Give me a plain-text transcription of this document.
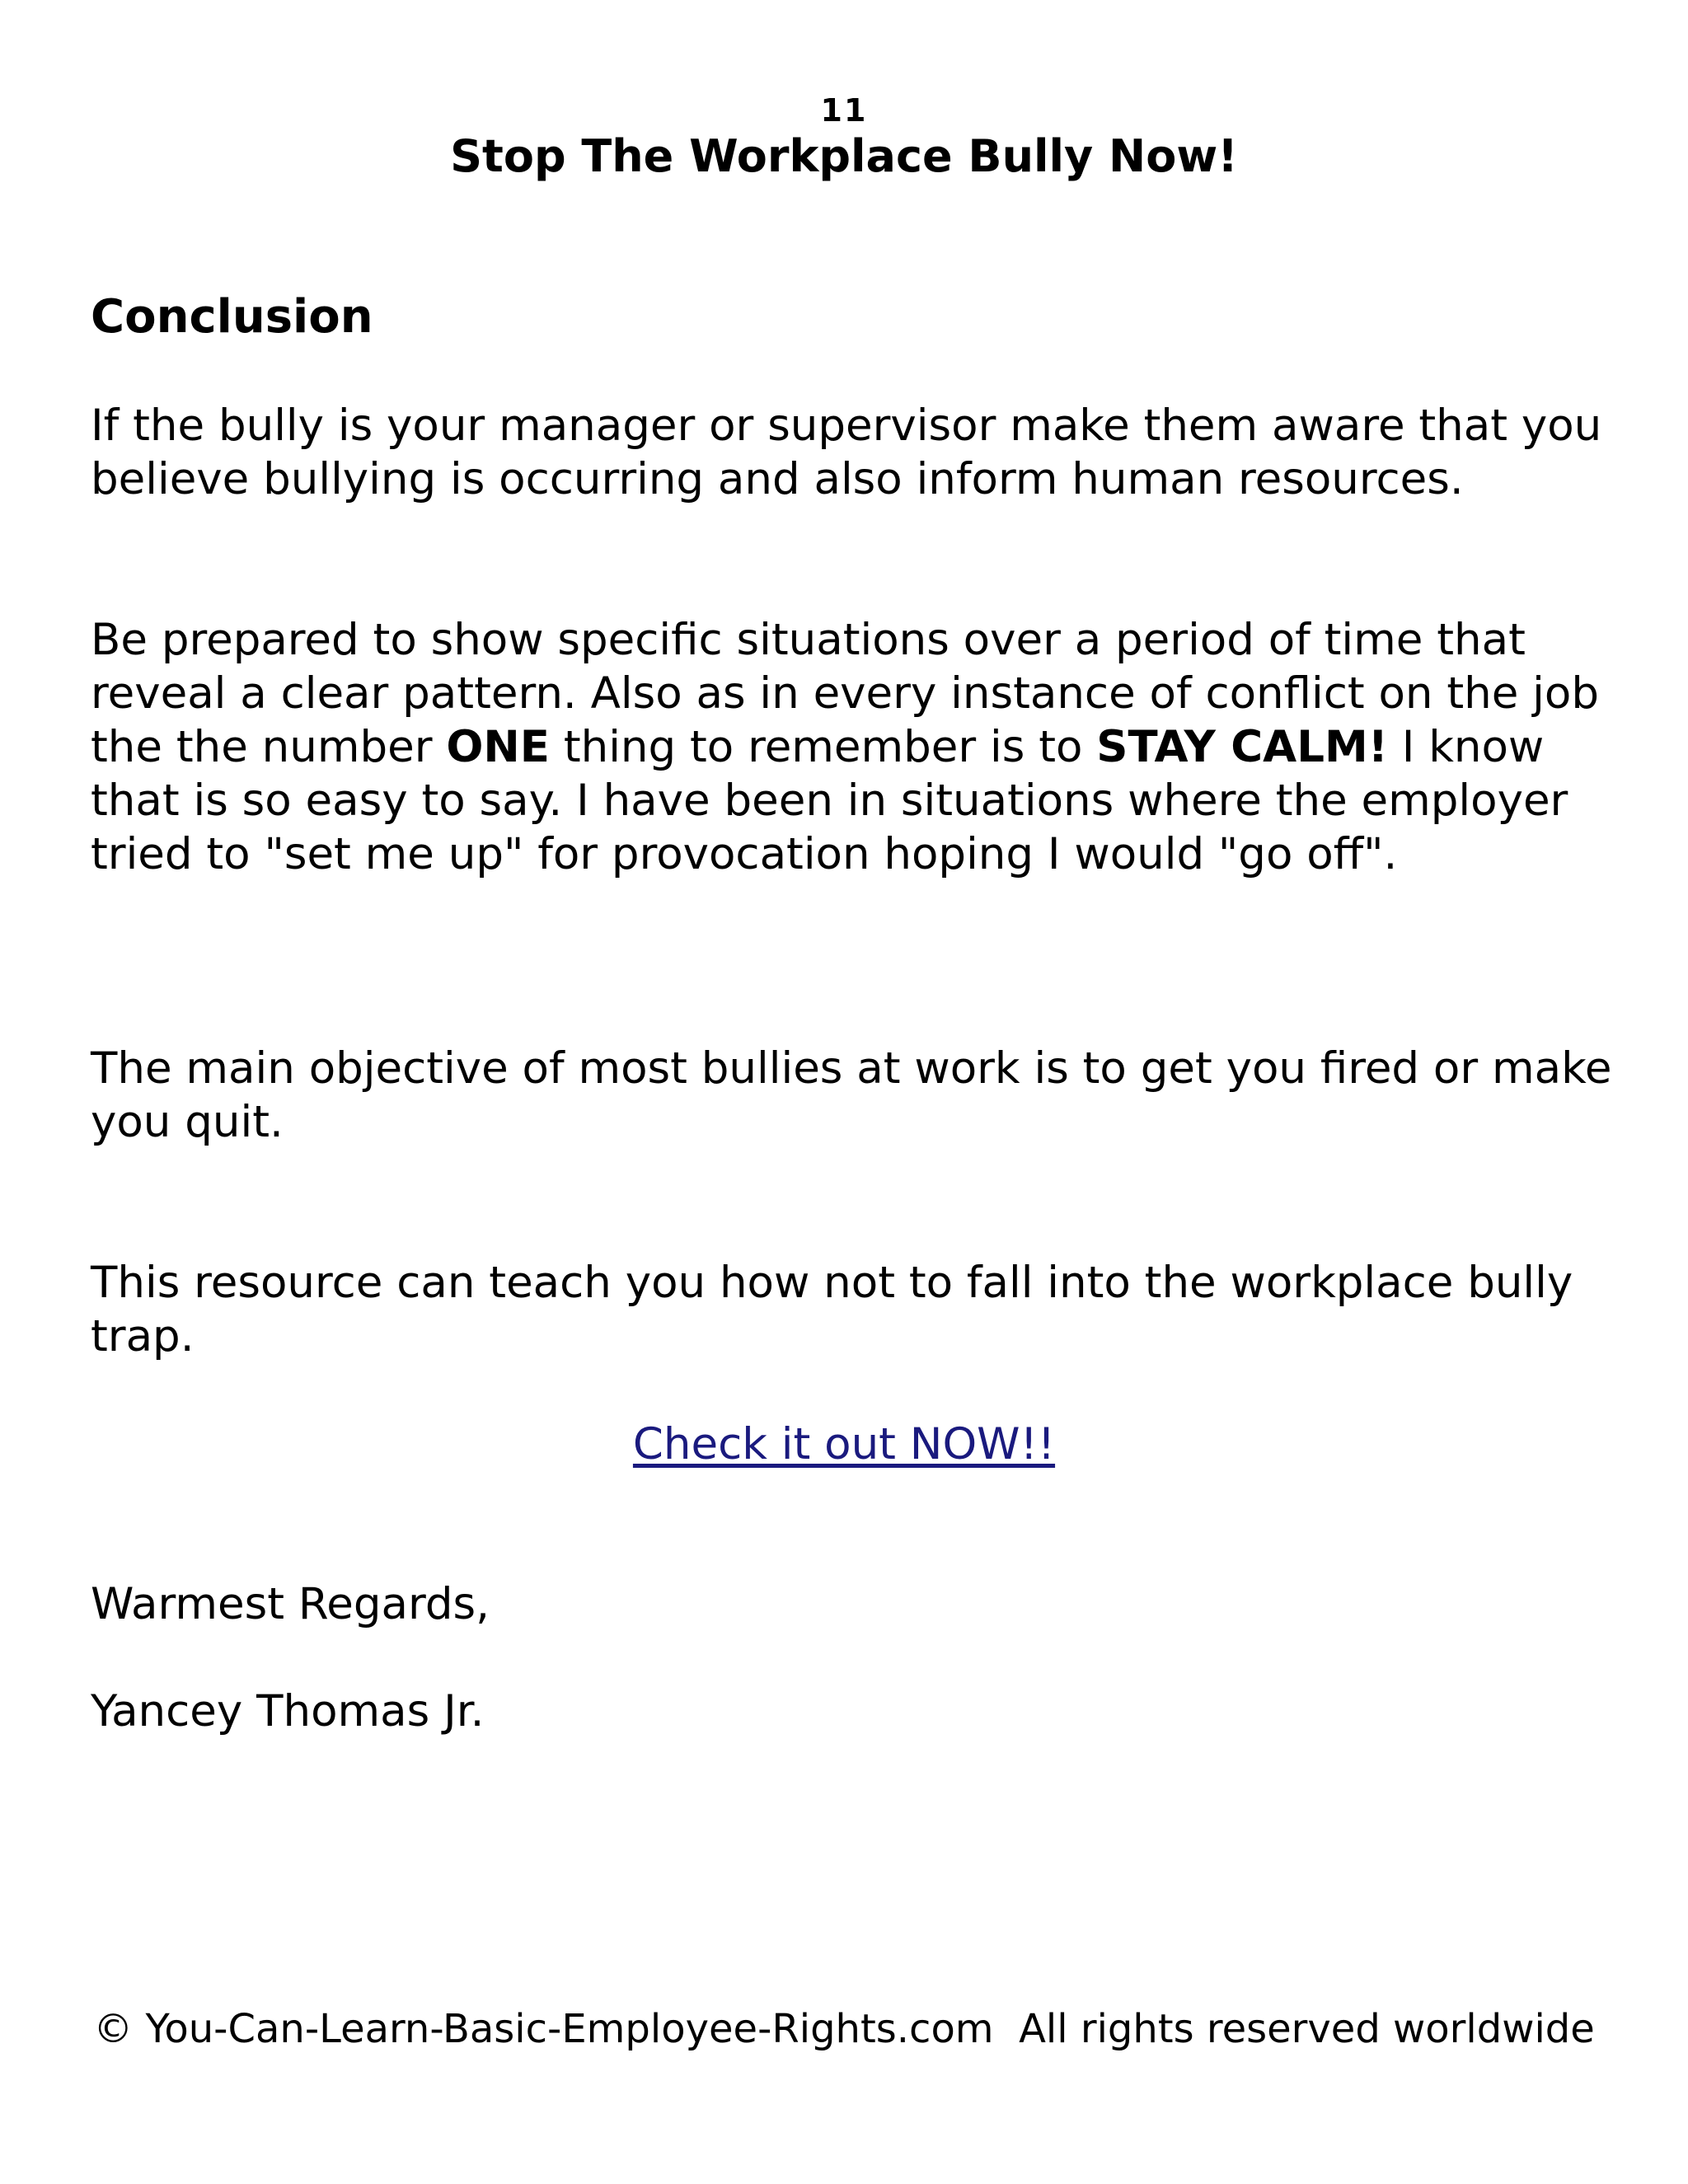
11
Stop The Workplace Bully Now!
Conclusion
If the bully is your manager or supervisor make them aware that you believe bullying is occurring and also inform human resources.
Be prepared to show specific situations over a period of time that reveal a clear pattern. Also as in every instance of conflict on the job the the number ONE thing to remember is to STAY CALM! I know that is so easy to say. I have been in situations where the employer tried to "set me up" for provocation hoping I would "go off".
The main objective of most bullies at work is to get you fired or make you quit.
This resource can teach you how not to fall into the workplace bully trap.
Check it out NOW!!
Warmest Regards,
Yancey Thomas Jr.
© You-Can-Learn-Basic-Employee-Rights.com  All rights reserved worldwide
